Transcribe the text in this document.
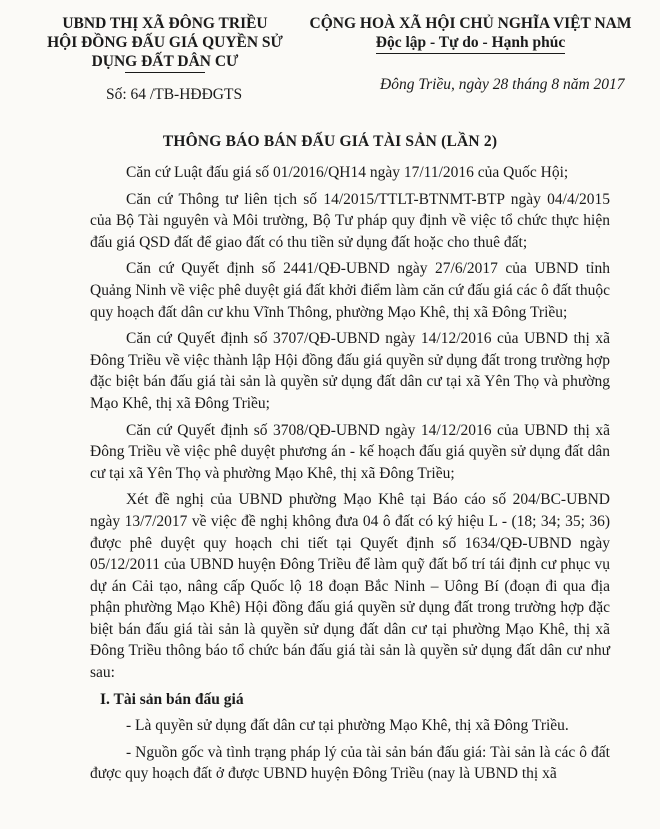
UBND THỊ XÃ ĐÔNG TRIỀU
HỘI ĐỒNG ĐẤU GIÁ QUYỀN SỬ
DỤNG ĐẤT DÂN CƯ
CỘNG HOÀ XÃ HỘI CHỦ NGHĨA VIỆT NAM
Độc lập - Tự do - Hạnh phúc
Số: 64 /TB-HĐĐGTS
Đông Triều, ngày 28 tháng 8 năm 2017
THÔNG BÁO BÁN ĐẤU GIÁ TÀI SẢN (LẦN 2)

Căn cứ Luật đấu giá số 01/2016/QH14 ngày 17/11/2016 của Quốc Hội;

Căn cứ Thông tư liên tịch số 14/2015/TTLT-BTNMT-BTP ngày 04/4/2015 của Bộ Tài nguyên và Môi trường, Bộ Tư pháp quy định về việc tổ chức thực hiện đấu giá QSD đất để giao đất có thu tiền sử dụng đất hoặc cho thuê đất;

Căn cứ Quyết định số 2441/QĐ-UBND ngày 27/6/2017 của UBND tỉnh Quảng Ninh về việc phê duyệt giá đất khởi điểm làm căn cứ đấu giá các ô đất thuộc quy hoạch đất dân cư khu Vĩnh Thông, phường Mạo Khê, thị xã Đông Triều;

Căn cứ Quyết định số 3707/QĐ-UBND ngày 14/12/2016 của UBND thị xã Đông Triều về việc thành lập Hội đồng đấu giá quyền sử dụng đất trong trường hợp đặc biệt bán đấu giá tài sản là quyền sử dụng đất dân cư tại xã Yên Thọ và phường Mạo Khê, thị xã Đông Triều;

Căn cứ Quyết định số 3708/QĐ-UBND ngày 14/12/2016 của UBND thị xã Đông Triều về việc phê duyệt phương án - kế hoạch đấu giá quyền sử dụng đất dân cư tại xã Yên Thọ và phường Mạo Khê, thị xã Đông Triều;

Xét đề nghị của UBND phường Mạo Khê tại Báo cáo số 204/BC-UBND ngày 13/7/2017 về việc đề nghị không đưa 04 ô đất có ký hiệu L - (18; 34; 35; 36) được phê duyệt quy hoạch chi tiết tại Quyết định số 1634/QĐ-UBND ngày 05/12/2011 của UBND huyện Đông Triều để làm quỹ đất bố trí tái định cư phục vụ dự án Cải tạo, nâng cấp Quốc lộ 18 đoạn Bắc Ninh – Uông Bí (đoạn đi qua địa phận phường Mạo Khê) Hội đồng đấu giá quyền sử dụng đất trong trường hợp đặc biệt bán đấu giá tài sản là quyền sử dụng đất dân cư tại phường Mạo Khê, thị xã Đông Triều thông báo tổ chức bán đấu giá tài sản là quyền sử dụng đất dân cư như sau:

I. Tài sản bán đấu giá

- Là quyền sử dụng đất dân cư tại phường Mạo Khê, thị xã Đông Triều.

- Nguồn gốc và tình trạng pháp lý của tài sản bán đấu giá: Tài sản là các ô đất được quy hoạch đất ở được UBND huyện Đông Triều (nay là UBND thị xã
